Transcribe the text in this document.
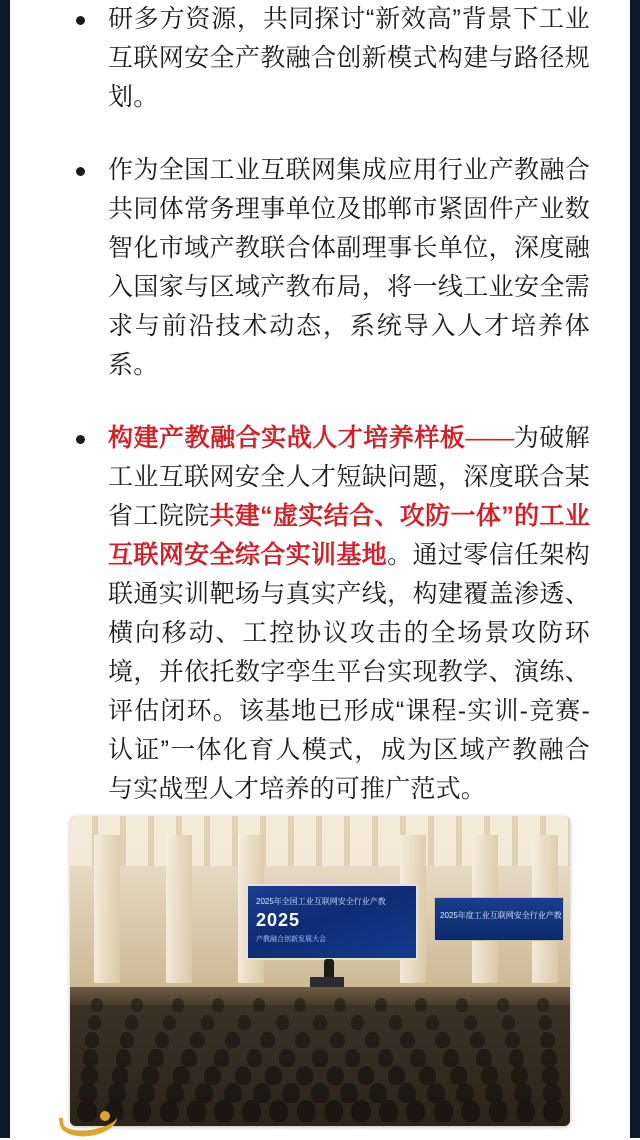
研多方资源，共同探讨“新效高”背景下工业互联网安全产教融合创新模式构建与路径规划。
作为全国工业互联网集成应用行业产教融合共同体常务理事单位及邯郸市紧固件产业数智化市域产教联合体副理事长单位，深度融入国家与区域产教布局，将一线工业安全需求与前沿技术动态，系统导入人才培养体系。
构建产教融合实战人才培养样板——为破解工业互联网安全人才短缺问题，深度联合某省工院院共建“虚实结合、攻防一体”的工业互联网安全综合实训基地。通过零信任架构联通实训靶场与真实产线，构建覆盖渗透、横向移动、工控协议攻击的全场景攻防环境，并依托数字孪生平台实现教学、演练、评估闭环。该基地已形成“课程-实训-竞赛-认证”一体化育人模式，成为区域产教融合与实战型人才培养的可推广范式。
2025年全国工业互联网安全行业产教
2025
产教融合创新发展大会
2025年度工业互联网安全行业产教
